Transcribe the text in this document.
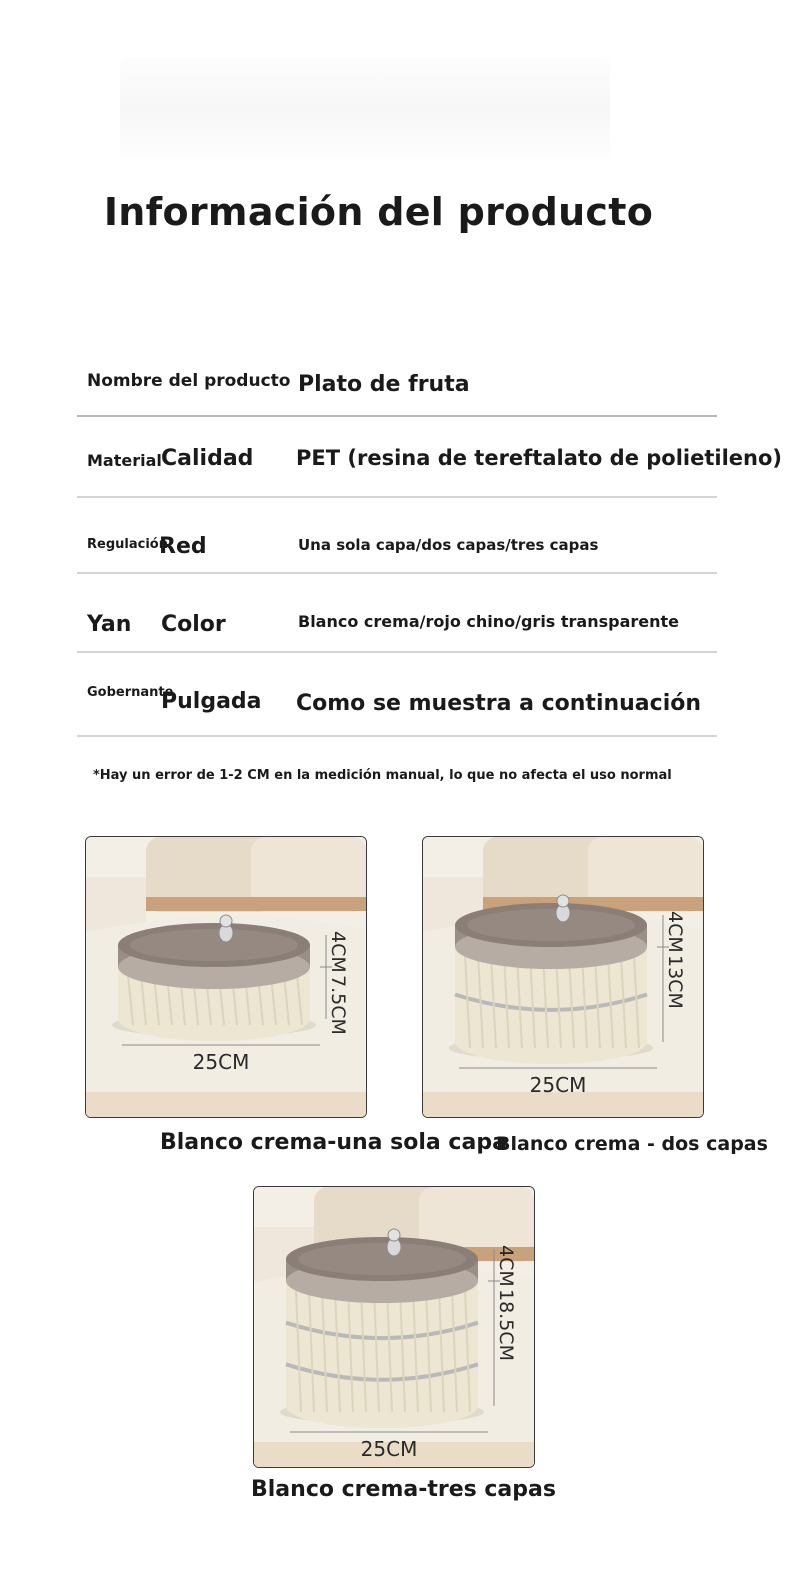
Información del producto
Nombre del producto Plato de fruta
Material Calidad PET (resina de tereftalato de polietileno)
Regulación
Red	Una sola capa/dos capas/tres capas
Yan Color	Blanco crema/rojo chino/gris transparente
Gobernante
Pulgada Como se muestra a continuación
*Hay un error de 1-2 CM en la medición manual, lo que no afecta el uso normal
25CM
4CM
7.5CM
Blanco crema-una sola capa
25CM
4CM
13CM
Blanco crema - dos capas
25CM
4CM
18.5CM
Blanco crema-tres capas
